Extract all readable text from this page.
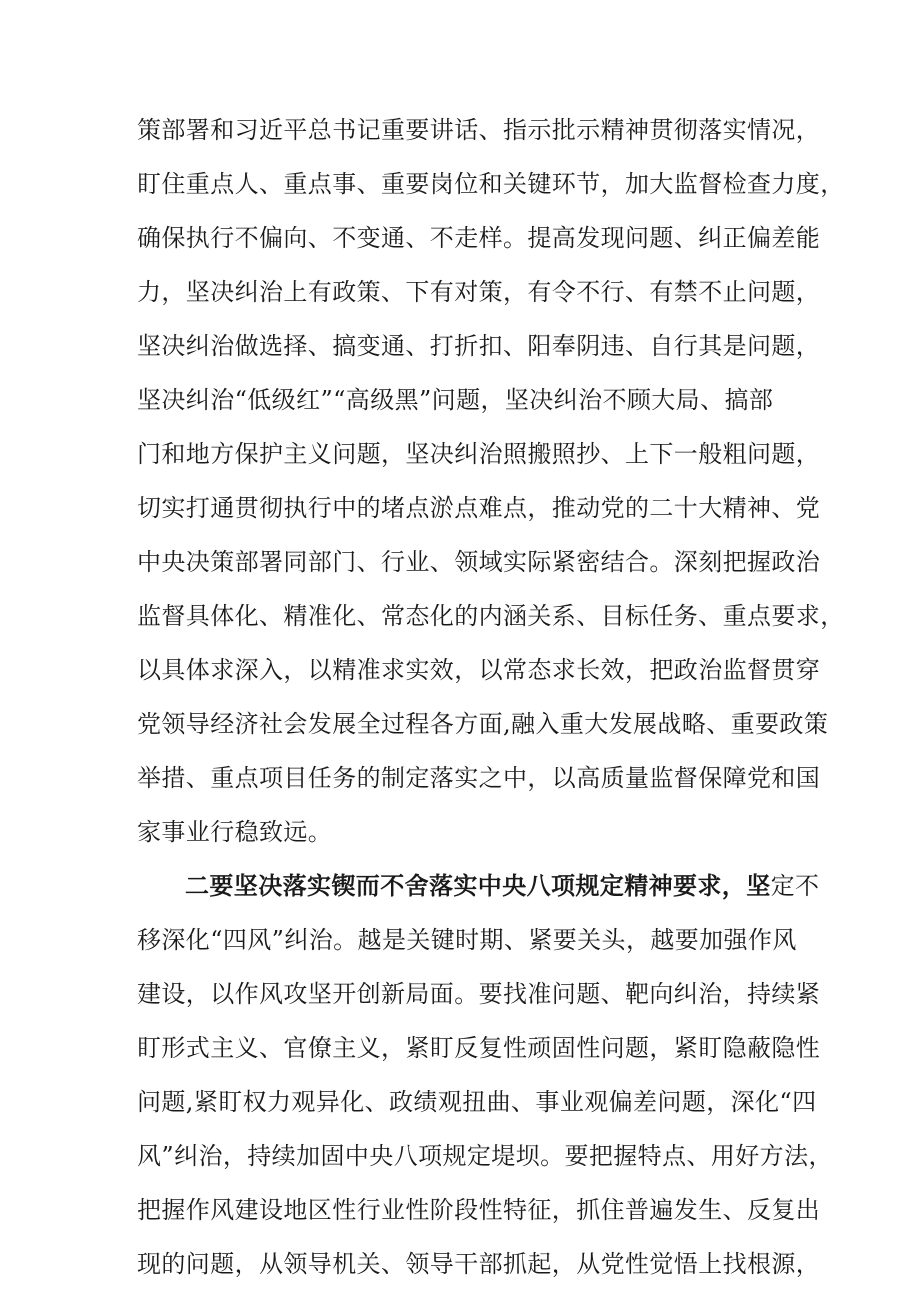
策部署和习近平总书记重要讲话、指示批示精神贯彻落实情况，
盯住重点人、重点事、重要岗位和关键环节，加大监督检查力度，
确保执行不偏向、不变通、不走样。提高发现问题、纠正偏差能
力，坚决纠治上有政策、下有对策，有令不行、有禁不止问题，
坚决纠治做选择、搞变通、打折扣、阳奉阴违、自行其是问题，
坚决纠治“低级红”“高级黑”问题，坚决纠治不顾大局、搞部
门和地方保护主义问题，坚决纠治照搬照抄、上下一般粗问题，
切实打通贯彻执行中的堵点淤点难点，推动党的二十大精神、党
中央决策部署同部门、行业、领域实际紧密结合。深刻把握政治
监督具体化、精准化、常态化的内涵关系、目标任务、重点要求，
以具体求深入，以精准求实效，以常态求长效，把政治监督贯穿
党领导经济社会发展全过程各方面,融入重大发展战略、重要政策
举措、重点项目任务的制定落实之中，以高质量监督保障党和国
家事业行稳致远。
二要坚决落实锲而不舍落实中央八项规定精神要求，坚定不
移深化“四风”纠治。越是关键时期、紧要关头，越要加强作风
建设，以作风攻坚开创新局面。要找准问题、靶向纠治，持续紧
盯形式主义、官僚主义，紧盯反复性顽固性问题，紧盯隐蔽隐性
问题,紧盯权力观异化、政绩观扭曲、事业观偏差问题，深化“四
风”纠治，持续加固中央八项规定堤坝。要把握特点、用好方法，
把握作风建设地区性行业性阶段性特征，抓住普遍发生、反复出
现的问题，从领导机关、领导干部抓起，从党性觉悟上找根源，
